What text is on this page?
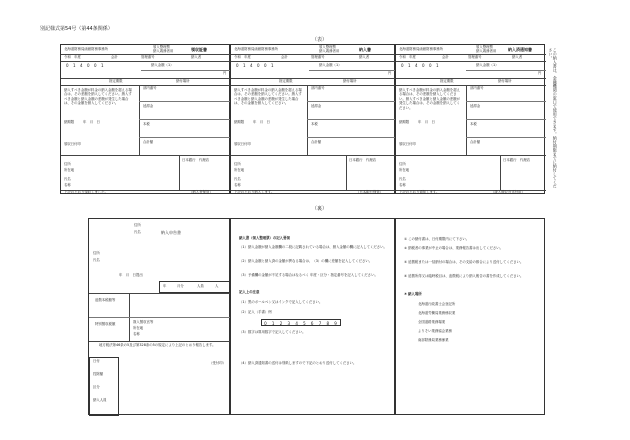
別記様式第54号（第44条関係）
（表）
北海道財務局函館財務事務所	領入整理票
納入義務者用	領収証書
令和　年度	会計	管理番号	納入者
0 1 4 0 0 1	納入金額（1）
円
指定期限	納付場所
納入すべき金額が料金の納入金額を超える場合は、その差額を納入してください。納入すべき金額と納入金額の差額が発生した場合は、その金額を納入してください。
部内番号
延滞金
本税
合計額
納期限	年　月　日
領収日付印
住所
所在地
氏名
名称
日本銀行　代理店
上記のとおり領収しました。	（納入者保管）
北海道財務局函館財務事務所	領入整理票
納入義務者用	納入書
令和　年度	会計	管理番号	納入者
0 1 4 0 0 1	納入金額（1）
円
指定期限	納付場所
納入すべき金額が料金の納入金額を超える場合は、その差額を納入してください。納入すべき金額と納入金額の差額が発生した場合は、その金額を納入してください。
部内番号
延滞金
本税
合計額
納期限	年　月　日
領収日付印
住所
所在地
氏名
名称
日本銀行　代理店
上記のとおり納入します。	（日本銀行保管）
北海道財務局函館財務事務所	領入整理票
納入義務者用	納入済通知書
令和　年度	会計	管理番号	納入者
0 1 4 0 0 1	納入金額（1）
円
指定期限	納付場所
納入すべき金額が料金の納入金額を超える場合は、その差額を納入してください。納入すべき金額と納入金額の差額が発生した場合は、その金額を納入してください。
部内番号
延滞金
本税
合計額
納期限	年　月　日
領収日付印
住所
所在地
氏名
名称
日本銀行　代理店
上記のとおり通知します。	（歳入徴収官送付用）
この納入書は、金融機関の窓口で使用できます。納付期限までに納付してください。
（裏）
納入申告書
住所
氏名
住所
氏名
年　月　日提出
年	月分	人員	人
追徴本税額等
特別徴収税額	歳入徴収官等
所在地
名称
地方税法第46条の5及び第328条の5の規定により上記のとおり報告します。
日付
控除額
区分
納入人員
（受付印）
納入書（領入整理票）の記入要領
（1）納入金額が納入金額欄の二段に記載されている場合は、納入金額の欄に記入してください。
（2）納入金額と納入済の金額が異なる場合は、（3）の欄に差額を記入してください。
（3）予備欄の金額が不足する場合はなるべく 年度・区分・指定番号を記入してください。
記入上の注意
（1）黒のボールペン又はインクで記入してください。
（2）記入（手書）例
0 1 2 3 4 5 6 7 8 9
（3）数字は算用数字で記入してください。
（4）納入済通知書の送付は別紙しますので下記のとおり送付してください。
① この納付書は、日付期限内にて下さい。
② 納税者の事業が中止の場合は、業務報告書は出してください。
③ 追徴税または一括納付の場合は、その支給の都合により送付してください。
④ 追徴所得又は臨時税目は、追徴税により納入報告の書を作成してください。
⑤ 納入場所
北海道行政書士会登記所
北海道労働局業務係収業
全国道路業務場業
よりそい業務協会業務
南部財務局業務係業
